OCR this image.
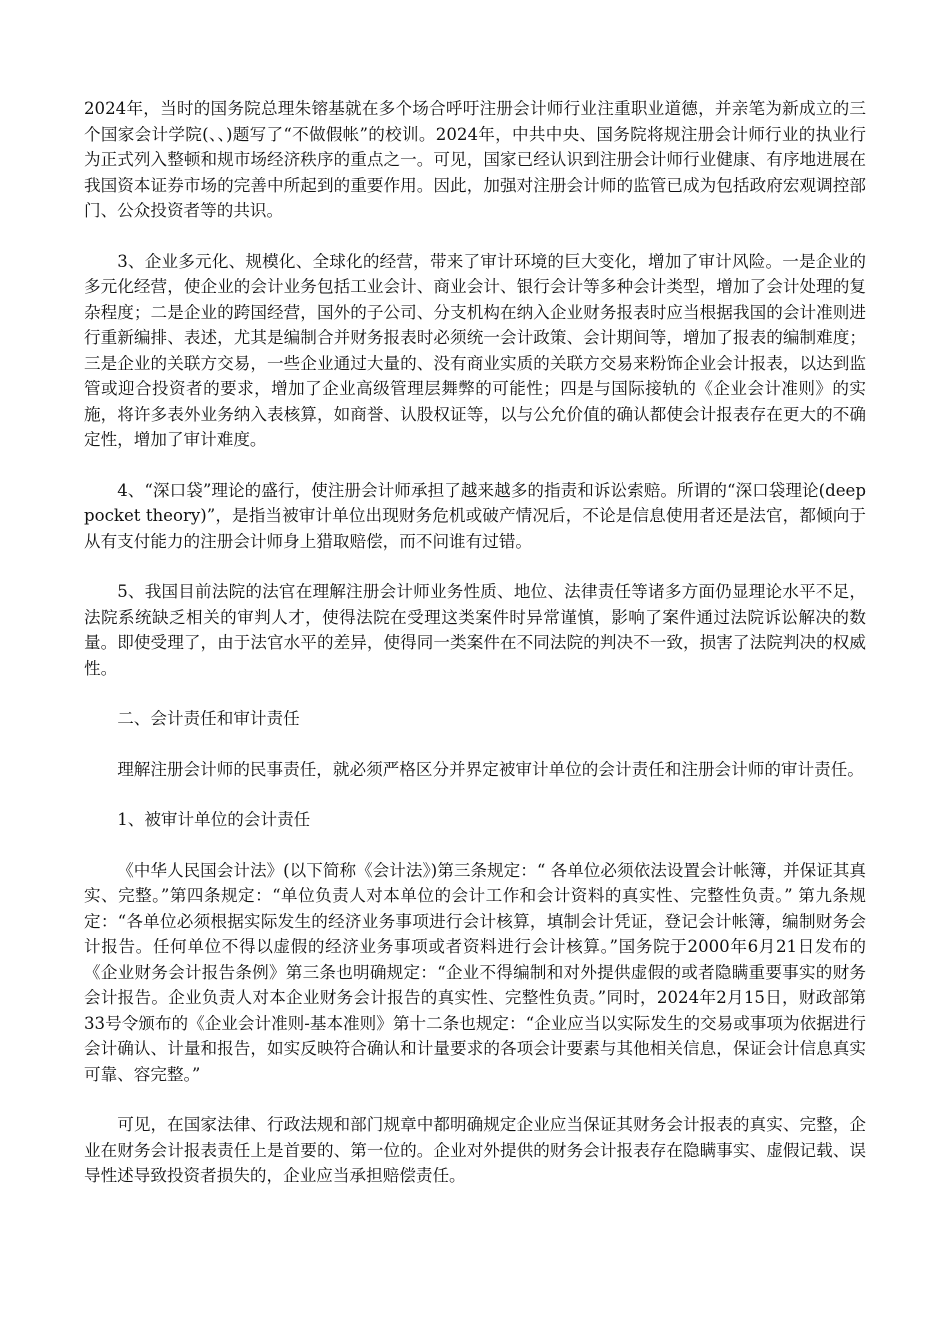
2024年，当时的国务院总理朱镕基就在多个场合呼吁注册会计师行业注重职业道德，并亲笔为新成立的三个国家会计学院(、、)题写了“不做假帐”的校训。2024年，中共中央、国务院将规注册会计师行业的执业行为正式列入整顿和规市场经济秩序的重点之一。可见，国家已经认识到注册会计师行业健康、有序地进展在我国资本证券市场的完善中所起到的重要作用。因此，加强对注册会计师的监管已成为包括政府宏观调控部门、公众投资者等的共识。

3、企业多元化、规模化、全球化的经营，带来了审计环境的巨大变化，增加了审计风险。一是企业的多元化经营，使企业的会计业务包括工业会计、商业会计、银行会计等多种会计类型，增加了会计处理的复杂程度；二是企业的跨国经营，国外的子公司、分支机构在纳入企业财务报表时应当根据我国的会计准则进行重新编排、表述，尤其是编制合并财务报表时必须统一会计政策、会计期间等，增加了报表的编制难度；三是企业的关联方交易，一些企业通过大量的、没有商业实质的关联方交易来粉饰企业会计报表，以达到监管或迎合投资者的要求，增加了企业高级管理层舞弊的可能性；四是与国际接轨的《企业会计准则》的实施，将许多表外业务纳入表核算，如商誉、认股权证等，以与公允价值的确认都使会计报表存在更大的不确定性，增加了审计难度。

4、“深口袋”理论的盛行，使注册会计师承担了越来越多的指责和诉讼索赔。所谓的“深口袋理论(deep pocket theory)”，是指当被审计单位出现财务危机或破产情况后，不论是信息使用者还是法官，都倾向于从有支付能力的注册会计师身上猎取赔偿，而不问谁有过错。

5、我国目前法院的法官在理解注册会计师业务性质、地位、法律责任等诸多方面仍显理论水平不足，法院系统缺乏相关的审判人才，使得法院在受理这类案件时异常谨慎，影响了案件通过法院诉讼解决的数量。即使受理了，由于法官水平的差异，使得同一类案件在不同法院的判决不一致，损害了法院判决的权威性。

二、会计责任和审计责任

理解注册会计师的民事责任，就必须严格区分并界定被审计单位的会计责任和注册会计师的审计责任。

1、被审计单位的会计责任

《中华人民国会计法》(以下简称《会计法》)第三条规定：“ 各单位必须依法设置会计帐簿，并保证其真实、完整。”第四条规定：“单位负责人对本单位的会计工作和会计资料的真实性、完整性负责。” 第九条规定：“各单位必须根据实际发生的经济业务事项进行会计核算，填制会计凭证，登记会计帐簿，编制财务会计报告。任何单位不得以虚假的经济业务事项或者资料进行会计核算。”国务院于2000年6月21日发布的《企业财务会计报告条例》第三条也明确规定：“企业不得编制和对外提供虚假的或者隐瞒重要事实的财务会计报告。企业负责人对本企业财务会计报告的真实性、完整性负责。”同时，2024年2月15日，财政部第33号令颁布的《企业会计准则-基本准则》第十二条也规定：“企业应当以实际发生的交易或事项为依据进行会计确认、计量和报告，如实反映符合确认和计量要求的各项会计要素与其他相关信息，保证会计信息真实可靠、容完整。”

可见，在国家法律、行政法规和部门规章中都明确规定企业应当保证其财务会计报表的真实、完整，企业在财务会计报表责任上是首要的、第一位的。企业对外提供的财务会计报表存在隐瞒事实、虚假记载、误导性述导致投资者损失的，企业应当承担赔偿责任。
